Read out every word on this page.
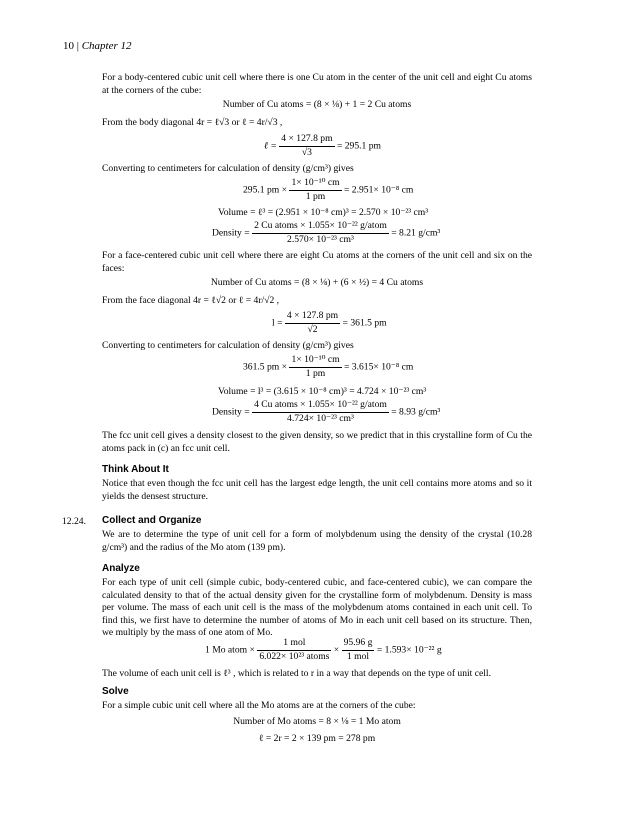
10 | Chapter 12
For a body-centered cubic unit cell where there is one Cu atom in the center of the unit cell and eight Cu atoms at the corners of the cube:
Number of Cu atoms = (8 × ⅛) + 1 = 2 Cu atoms
From the body diagonal 4r = ℓ√3 or ℓ = 4r/√3 ,
ℓ = $\frac{4 \times 127.8 pm}{√3} = 295.1$ pm
Converting to centimeters for calculation of density (g/cm³) gives
295.1 pm × $\frac{\text{1× 10⁻¹⁰ cm}}{1 pm} = 2.951\times 10^{-8}$ cm
Volume = ℓ³ = (2.951 × 10⁻⁸ cm)³ = 2.570 × 10⁻²³ cm³
Density = $\frac{\text{2 Cu atoms × 1.055× 10⁻²² g/atom}}{\text{2.570× 10⁻²³ cm³}} = 8.21$ g/cm³
For a face-centered cubic unit cell where there are eight Cu atoms at the corners of the unit cell and six on the faces:
Number of Cu atoms = (8 × ⅛) + (6 × ½) = 4 Cu atoms
From the face diagonal 4r = ℓ√2 or ℓ = 4r/√2 ,
$l = \frac{4 \times 127.8 pm}{√2} = 361.5$ pm
Converting to centimeters for calculation of density (g/cm³) gives
361.5 pm × $\frac{\text{1× 10⁻¹⁰ cm}}{1 pm} = 3.615\times 10^{-8}$ cm
Volume = l³ = (3.615 × 10⁻⁸ cm)³ = 4.724 × 10⁻²³ cm³
Density = $\frac{\text{4 Cu atoms × 1.055× 10⁻²² g/atom}}{\text{4.724× 10⁻²³ cm³}} = 8.93$ g/cm³
The fcc unit cell gives a density closest to the given density, so we predict that in this crystalline form of Cu the atoms pack in (c) an fcc unit cell.
Think About It
Notice that even though the fcc unit cell has the largest edge length, the unit cell contains more atoms and so it yields the densest structure.
12.24. Collect and Organize
We are to determine the type of unit cell for a form of molybdenum using the density of the crystal (10.28 g/cm³) and the radius of the Mo atom (139 pm).
Analyze
For each type of unit cell (simple cubic, body-centered cubic, and face-centered cubic), we can compare the calculated density to that of the actual density given for the crystalline form of molybdenum. Density is mass per volume. The mass of each unit cell is the mass of the molybdenum atoms contained in each unit cell. To find this, we first have to determine the number of atoms of Mo in each unit cell based on its structure. Then, we multiply by the mass of one atom of Mo.
1 Mo atom × $\frac{\text{1 mol}}{\text{6.022× 10²³ atoms}} \times \frac{95.96 g}{\text{1 mol}} = 1.593\times 10^{-22}$ g
The volume of each unit cell is ℓ³ , which is related to r in a way that depends on the type of unit cell.
Solve
For a simple cubic unit cell where all the Mo atoms are at the corners of the cube:
Number of Mo atoms = 8 × ⅛ = 1 Mo atom
ℓ = 2r = 2 × 139 pm = 278 pm
